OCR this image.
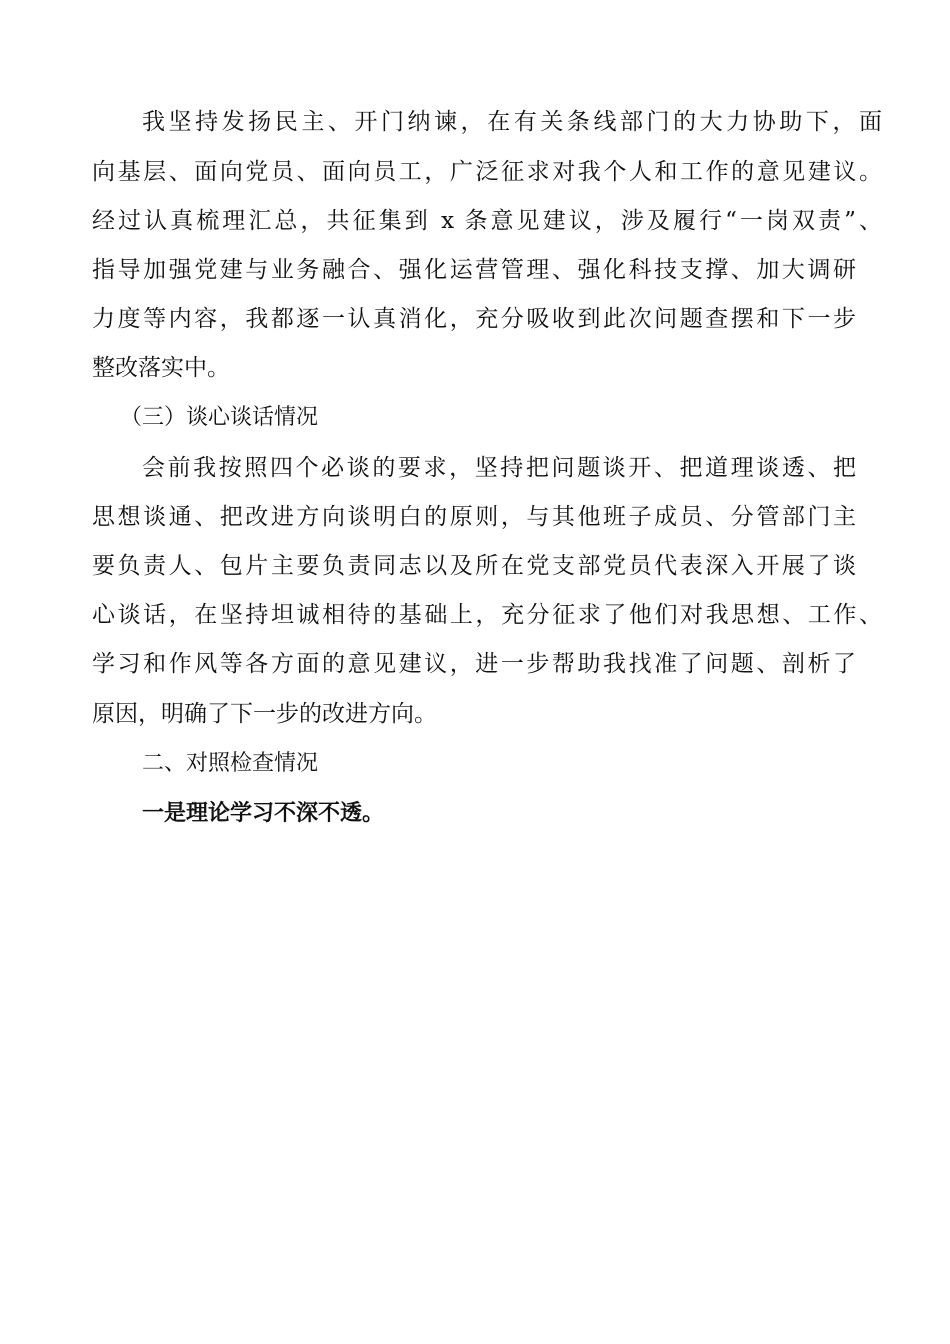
我坚持发扬民主、开门纳谏，在有关条线部门的大力协助下，面
向基层、面向党员、面向员工，广泛征求对我个人和工作的意见建议。
经过认真梳理汇总，共征集到 x 条意见建议，涉及履行“一岗双责”、
指导加强党建与业务融合、强化运营管理、强化科技支撑、加大调研
力度等内容，我都逐一认真消化，充分吸收到此次问题查摆和下一步
整改落实中。
（三）谈心谈话情况
会前我按照四个必谈的要求，坚持把问题谈开、把道理谈透、把
思想谈通、把改进方向谈明白的原则，与其他班子成员、分管部门主
要负责人、包片主要负责同志以及所在党支部党员代表深入开展了谈
心谈话，在坚持坦诚相待的基础上，充分征求了他们对我思想、工作、
学习和作风等各方面的意见建议，进一步帮助我找准了问题、剖析了
原因，明确了下一步的改进方向。
二、对照检查情况
一是理论学习不深不透。
